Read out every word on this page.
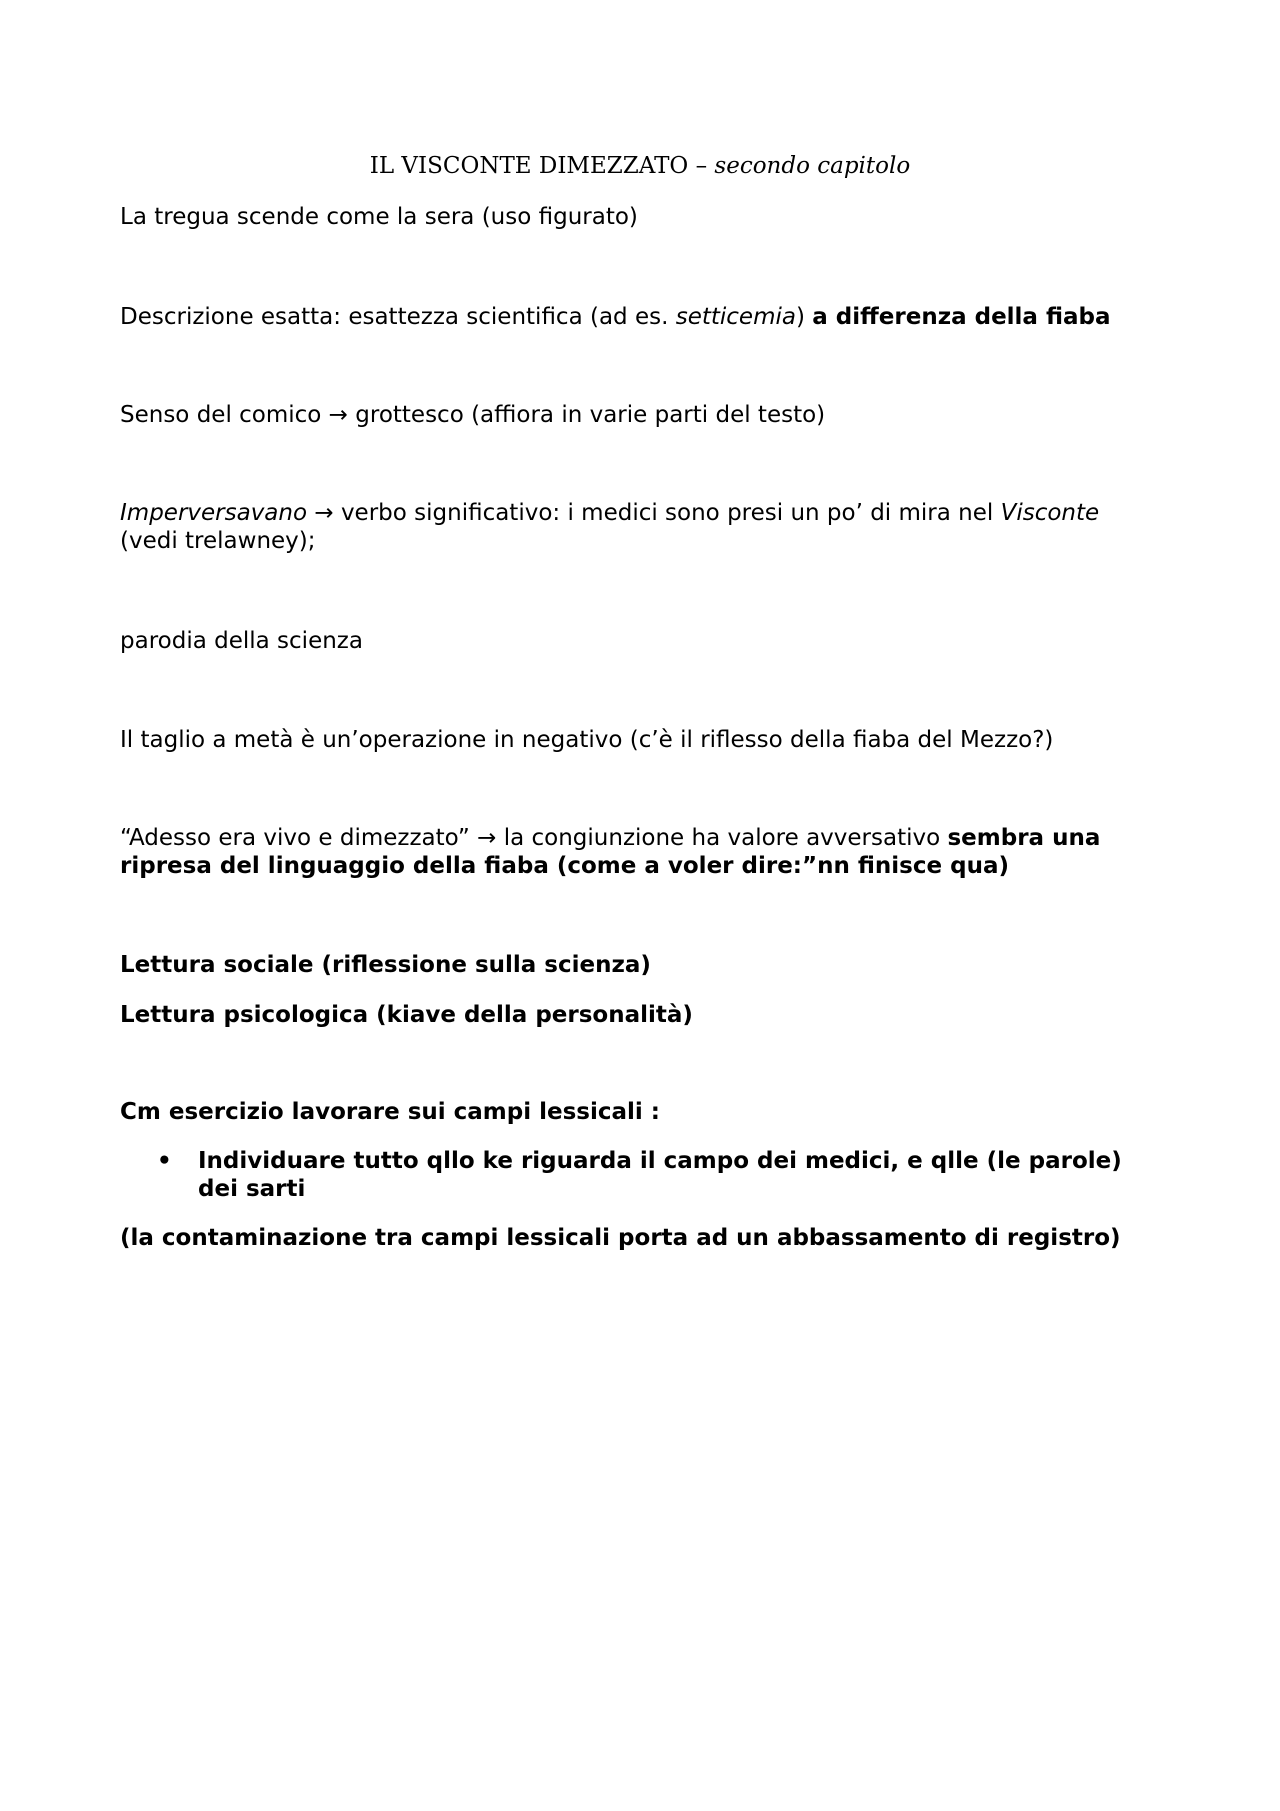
IL VISCONTE DIMEZZATO – secondo capitolo
La tregua scende come la sera (uso figurato)
Descrizione esatta: esattezza scientifica (ad es. setticemia) a differenza della fiaba
Senso del comico → grottesco (affiora in varie parti del testo)
Imperversavano → verbo significativo: i medici sono presi un po’ di mira nel Visconte
(vedi trelawney);
parodia della scienza
Il taglio a metà è un’operazione in negativo (c’è il riflesso della fiaba del Mezzo?)
“Adesso era vivo e dimezzato” → la congiunzione ha valore avversativo sembra una
ripresa del linguaggio della fiaba (come a voler dire:”nn finisce qua)
Lettura sociale (riflessione sulla scienza)
Lettura psicologica (kiave della personalità)
Cm esercizio lavorare sui campi lessicali :
• Individuare tutto qllo ke riguarda il campo dei medici, e qlle (le parole)
dei sarti
(la contaminazione tra campi lessicali porta ad un abbassamento di registro)
